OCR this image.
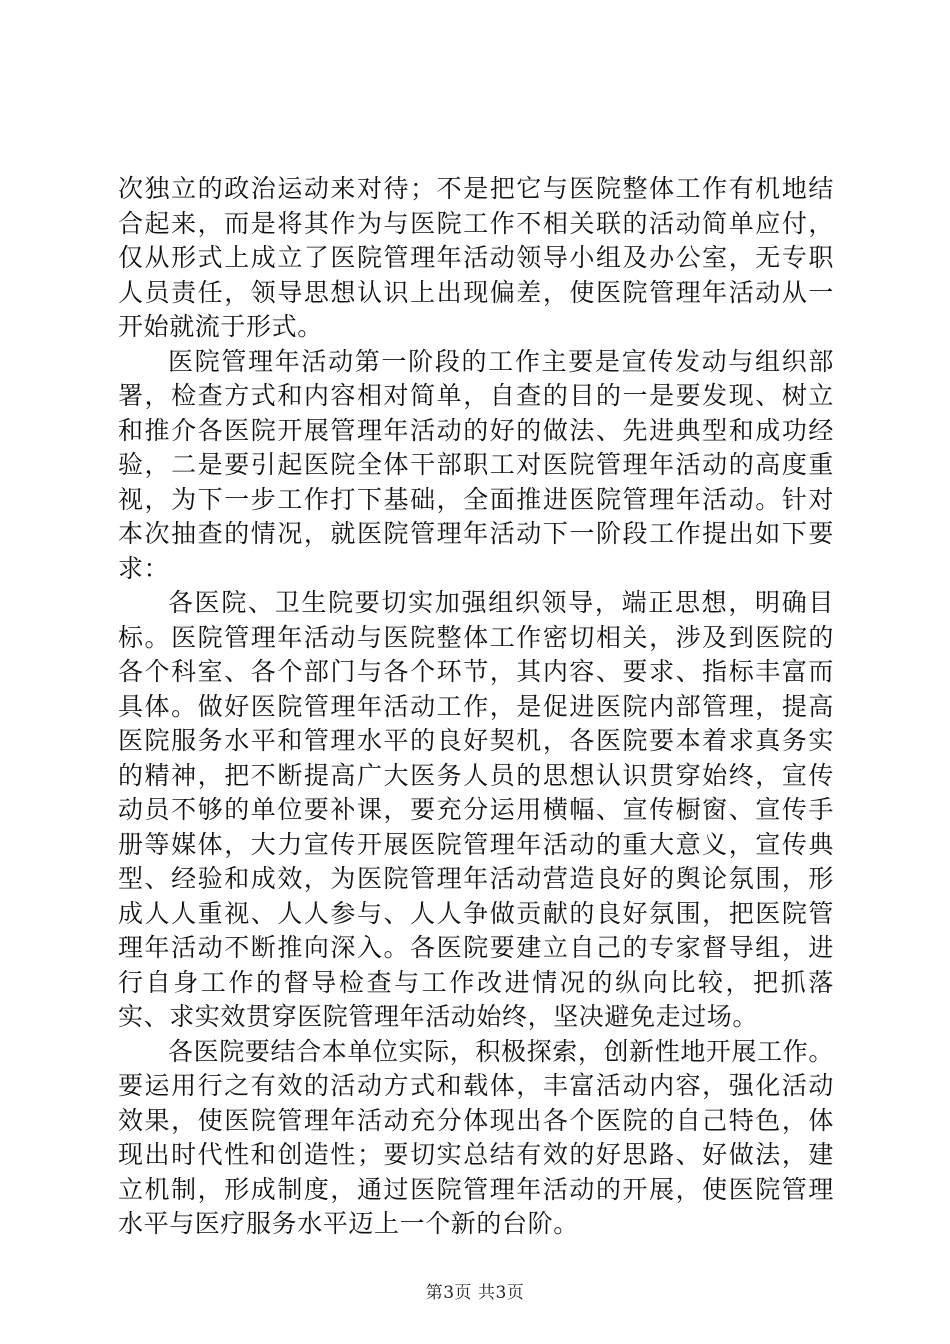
次独立的政治运动来对待；不是把它与医院整体工作有机地结合起来，而是将其作为与医院工作不相关联的活动简单应付，仅从形式上成立了医院管理年活动领导小组及办公室，无专职人员责任，领导思想认识上出现偏差，使医院管理年活动从一开始就流于形式。

医院管理年活动第一阶段的工作主要是宣传发动与组织部署，检查方式和内容相对简单，自查的目的一是要发现、树立和推介各医院开展管理年活动的好的做法、先进典型和成功经验，二是要引起医院全体干部职工对医院管理年活动的高度重视，为下一步工作打下基础，全面推进医院管理年活动。针对本次抽查的情况，就医院管理年活动下一阶段工作提出如下要求：

各医院、卫生院要切实加强组织领导，端正思想，明确目标。医院管理年活动与医院整体工作密切相关，涉及到医院的各个科室、各个部门与各个环节，其内容、要求、指标丰富而具体。做好医院管理年活动工作，是促进医院内部管理，提高医院服务水平和管理水平的良好契机，各医院要本着求真务实的精神，把不断提高广大医务人员的思想认识贯穿始终，宣传动员不够的单位要补课，要充分运用横幅、宣传橱窗、宣传手册等媒体，大力宣传开展医院管理年活动的重大意义，宣传典型、经验和成效，为医院管理年活动营造良好的舆论氛围，形成人人重视、人人参与、人人争做贡献的良好氛围，把医院管理年活动不断推向深入。各医院要建立自己的专家督导组，进行自身工作的督导检查与工作改进情况的纵向比较，把抓落实、求实效贯穿医院管理年活动始终，坚决避免走过场。

各医院要结合本单位实际，积极探索，创新性地开展工作。要运用行之有效的活动方式和载体，丰富活动内容，强化活动效果，使医院管理年活动充分体现出各个医院的自己特色，体现出时代性和创造性；要切实总结有效的好思路、好做法，建立机制，形成制度，通过医院管理年活动的开展，使医院管理水平与医疗服务水平迈上一个新的台阶。

第3页 共3页
